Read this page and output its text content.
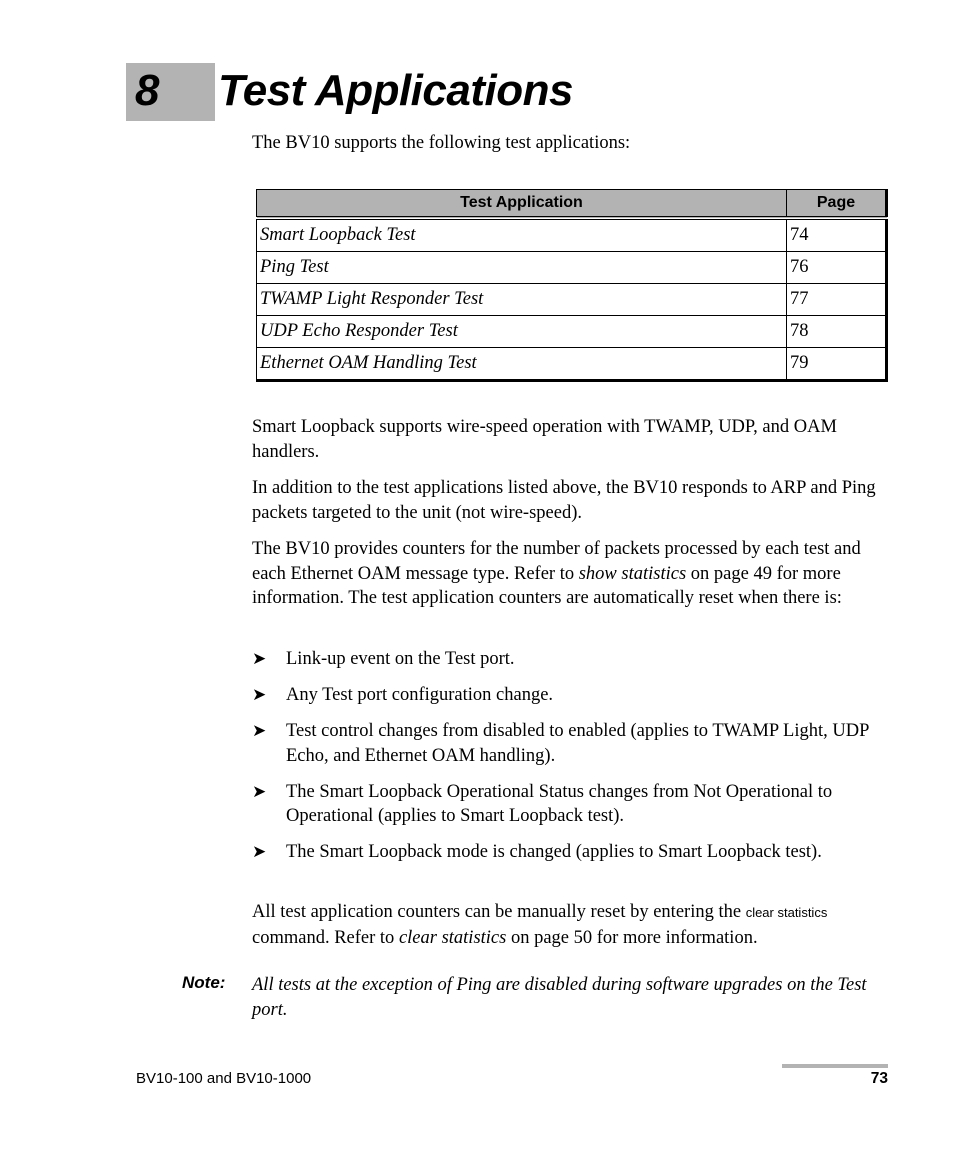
8 Test Applications
The BV10 supports the following test applications:
Test Application	Page
Smart Loopback Test	74
Ping Test	76
TWAMP Light Responder Test	77
UDP Echo Responder Test	78
Ethernet OAM Handling Test	79
Smart Loopback supports wire-speed operation with TWAMP, UDP, and OAM handlers.
In addition to the test applications listed above, the BV10 responds to ARP and Ping packets targeted to the unit (not wire-speed).
The BV10 provides counters for the number of packets processed by each test and each Ethernet OAM message type. Refer to show statistics on page 49 for more information. The test application counters are automatically reset when there is:
➤ Link-up event on the Test port.
➤ Any Test port configuration change.
➤ Test control changes from disabled to enabled (applies to TWAMP Light, UDP Echo, and Ethernet OAM handling).
➤ The Smart Loopback Operational Status changes from Not Operational to Operational (applies to Smart Loopback test).
➤ The Smart Loopback mode is changed (applies to Smart Loopback test).
All test application counters can be manually reset by entering the clear statistics command. Refer to clear statistics on page 50 for more information.
Note: All tests at the exception of Ping are disabled during software upgrades on the Test port.
BV10-100 and BV10-1000	73
